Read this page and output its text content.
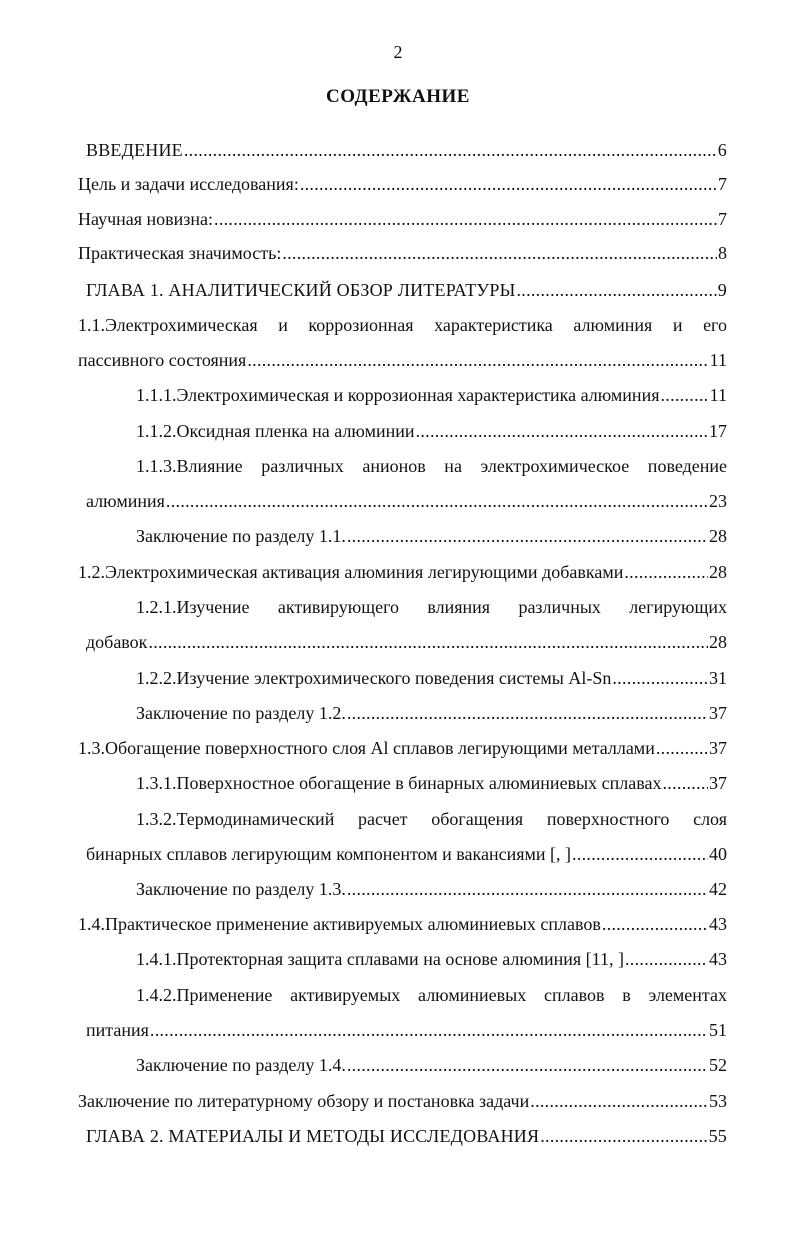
2
СОДЕРЖАНИЕ
ВВЕДЕНИЕ .....	6
Цель и задачи исследования: .....	7
Научная новизна: .....	7
Практическая значимость: .....	8
ГЛАВА 1. АНАЛИТИЧЕСКИЙ ОБЗОР ЛИТЕРАТУРЫ .....	9
1.1.Электрохимическая и коррозионная характеристика алюминия и его
пассивного состояния .....	11
1.1.1.Электрохимическая и коррозионная характеристика алюминия .....	11
1.1.2.Оксидная пленка на алюминии .....	17
1.1.3.Влияние различных анионов на электрохимическое поведение
алюминия .....	23
Заключение по разделу 1.1. .....	28
1.2.Электрохимическая активация алюминия легирующими добавками .....	28
1.2.1.Изучение активирующего влияния различных легирующих
добавок .....	28
1.2.2.Изучение электрохимического поведения системы Al-Sn .....	31
Заключение по разделу 1.2. .....	37
1.3.Обогащение поверхностного слоя Al сплавов легирующими металлами .....	37
1.3.1.Поверхностное обогащение в бинарных алюминиевых сплавах .....	37
1.3.2.Термодинамический расчет обогащения поверхностного слоя
бинарных сплавов легирующим компонентом и вакансиями [, ] .....	40
Заключение по разделу 1.3. .....	42
1.4.Практическое применение активируемых алюминиевых сплавов .....	43
1.4.1.Протекторная защита сплавами на основе алюминия [11, ] .....	43
1.4.2.Применение активируемых алюминиевых сплавов в элементах
питания .....	51
Заключение по разделу 1.4. .....	52
Заключение по литературному обзору и постановка задачи .....	53
ГЛАВА 2. МАТЕРИАЛЫ И МЕТОДЫ ИССЛЕДОВАНИЯ .....	55
